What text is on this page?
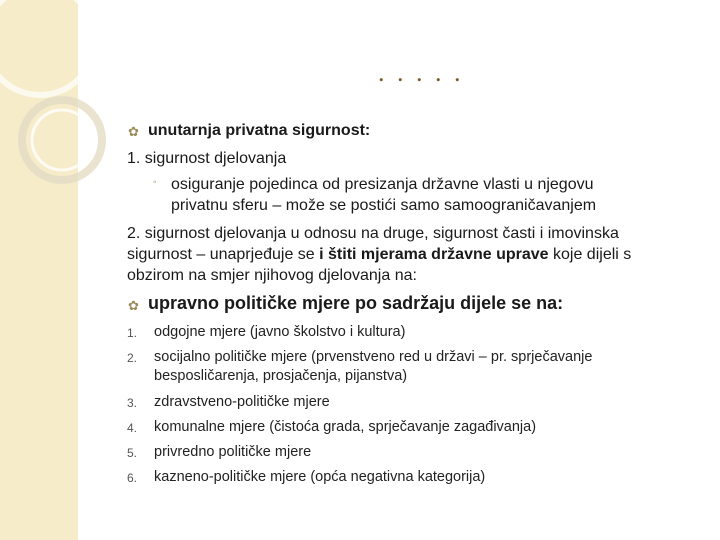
. . . . .
✿ unutarnja privatna sigurnost:
1. sigurnost djelovanja
◦ osiguranje pojedinca od presizanja državne vlasti u njegovu
privatnu sferu – može se postići samo samoograničavanjem
2. sigurnost djelovanja u odnosu na druge, sigurnost časti i imovinska
sigurnost – unaprjeđuje se i štiti mjerama državne uprave koje dijeli s
obzirom na smjer njihovog djelovanja na:
✿ upravno političke mjere po sadržaju dijele se na:
1. odgojne mjere (javno školstvo i kultura)
2. socijalno političke mjere (prvenstveno red u državi – pr. sprječavanje
besposličarenja, prosjačenja, pijanstva)
3. zdravstveno-političke mjere
4. komunalne mjere (čistoća grada, sprječavanje zagađivanja)
5. privredno političke mjere
6. kazneno-političke mjere (opća negativna kategorija)
